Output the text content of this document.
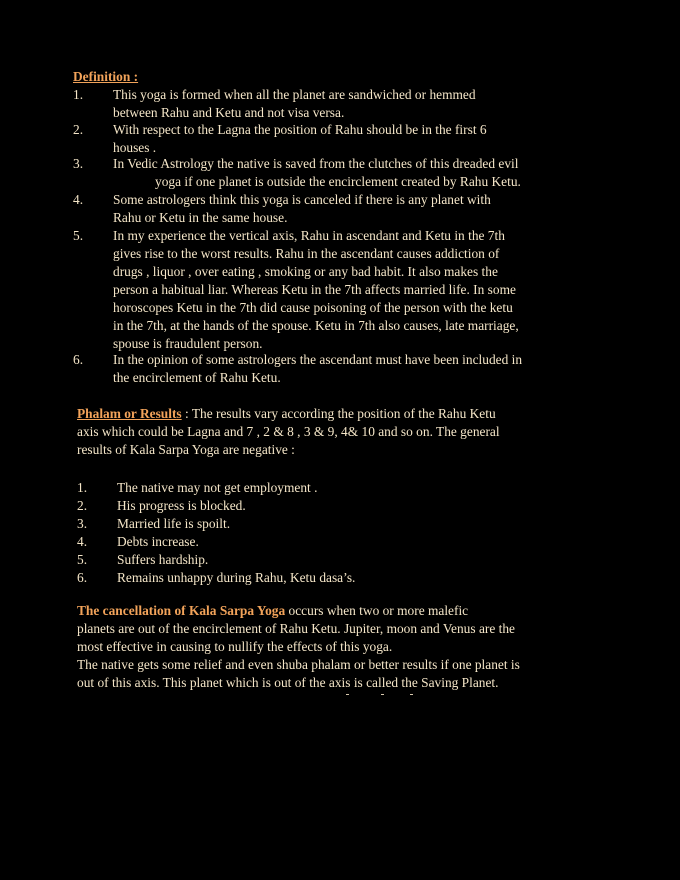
Definition :
1.	This yoga is formed when all the planet are sandwiched or hemmed
between Rahu and Ketu and not visa versa.
2.	With respect to the Lagna the position of Rahu should be in the first 6
houses .
3.	In Vedic Astrology the native is saved from the clutches of this dreaded evil
yoga if one planet is outside the encirclement created by Rahu Ketu.
4.	Some astrologers think this yoga is canceled if there is any planet with
Rahu or Ketu in the same house.
5.	In my experience the vertical axis, Rahu in ascendant and Ketu in the 7th
gives rise to the worst results. Rahu in the ascendant causes addiction of
drugs , liquor , over eating , smoking or any bad habit. It also makes the
person a habitual liar. Whereas Ketu in the 7th affects married life. In some
horoscopes Ketu in the 7th did cause poisoning of the person with the ketu
in the 7th, at the hands of the spouse. Ketu in 7th also causes, late marriage,
spouse is fraudulent person.
6.	In the opinion of some astrologers the ascendant must have been included in
the encirclement of Rahu Ketu.
Phalam or Results : The results vary according the position of the Rahu Ketu
axis which could be Lagna and 7 , 2 & 8 , 3 & 9, 4& 10 and so on. The general
results of Kala Sarpa Yoga are negative :
1.	The native may not get employment .
2.	His progress is blocked.
3.	Married life is spoilt.
4.	Debts increase.
5.	Suffers hardship.
6.	Remains unhappy during Rahu, Ketu dasa’s.
The cancellation of Kala Sarpa Yoga occurs when two or more malefic
planets are out of the encirclement of Rahu Ketu. Jupiter, moon and Venus are the
most effective in causing to nullify the effects of this yoga.
The native gets some relief and even shuba phalam or better results if one planet is
out of this axis. This planet which is out of the axis is called the Saving Planet.
